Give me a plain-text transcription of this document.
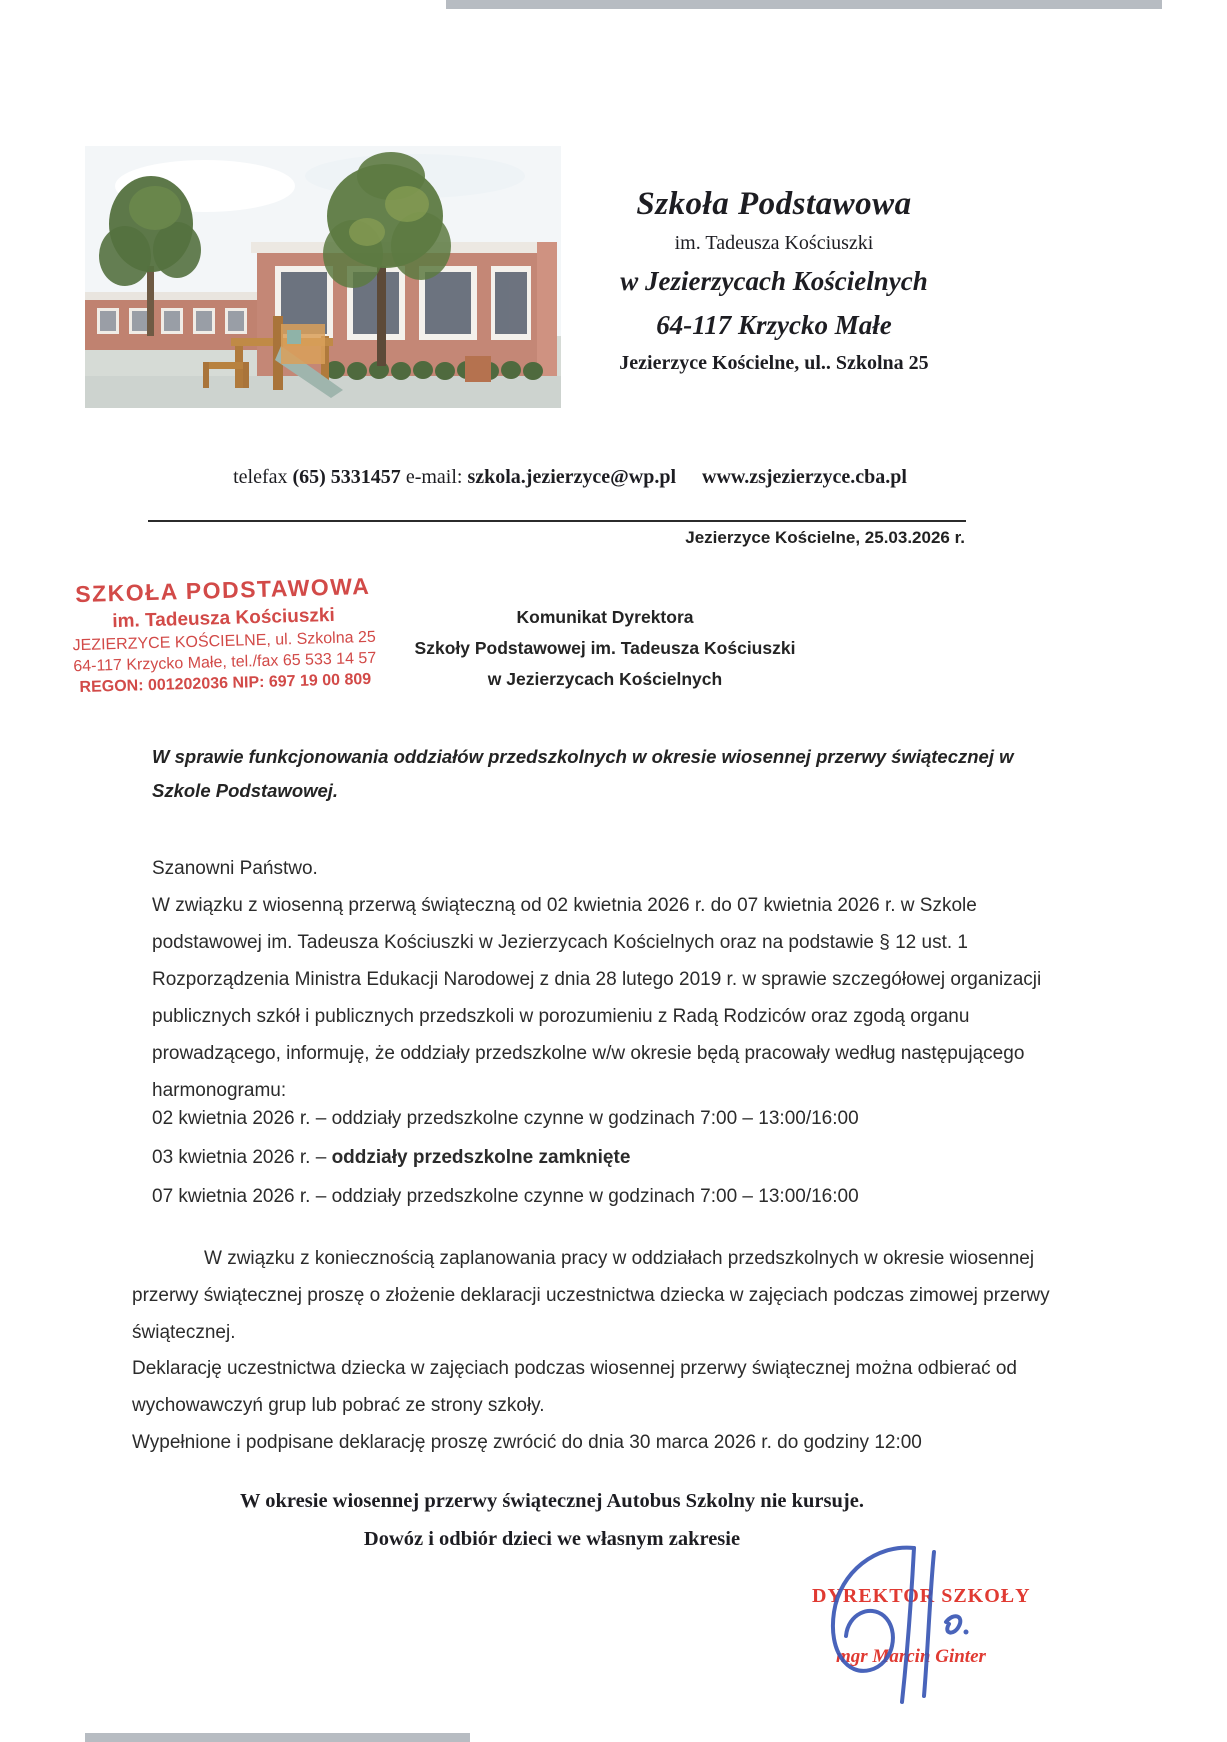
Szkoła Podstawowa
im. Tadeusza Kościuszki
w Jezierzycach Kościelnych
64-117 Krzycko Małe
Jezierzyce Kościelne, ul.. Szkolna 25
telefax (65) 5331457 e-mail: szkola.jezierzyce@wp.pl www.zsjezierzyce.cba.pl
Jezierzyce Kościelne, 25.03.2026 r.
SZKOŁA PODSTAWOWA
im. Tadeusza Kościuszki
JEZIERZYCE KOŚCIELNE, ul. Szkolna 25
64-117 Krzycko Małe, tel./fax 65 533 14 57
REGON: 001202036 NIP: 697 19 00 809
Komunikat Dyrektora
Szkoły Podstawowej im. Tadeusza Kościuszki
w Jezierzycach Kościelnych
W sprawie funkcjonowania oddziałów przedszkolnych w okresie wiosennej przerwy świątecznej w Szkole Podstawowej.
Szanowni Państwo.
W związku z wiosenną przerwą świąteczną od 02 kwietnia 2026 r. do 07 kwietnia 2026 r. w Szkole podstawowej im. Tadeusza Kościuszki w Jezierzycach Kościelnych oraz na podstawie § 12 ust. 1 Rozporządzenia Ministra Edukacji Narodowej z dnia 28 lutego 2019 r. w sprawie szczegółowej organizacji publicznych szkół i publicznych przedszkoli w porozumieniu z Radą Rodziców oraz zgodą organu prowadzącego, informuję, że oddziały przedszkolne w/w okresie będą pracowały według następującego harmonogramu:
02 kwietnia 2026 r. – oddziały przedszkolne czynne w godzinach 7:00 – 13:00/16:00
03 kwietnia 2026 r. – oddziały przedszkolne zamknięte
07 kwietnia 2026 r. – oddziały przedszkolne czynne w godzinach 7:00 – 13:00/16:00
W związku z koniecznością zaplanowania pracy w oddziałach przedszkolnych w okresie wiosennej przerwy świątecznej proszę o złożenie deklaracji uczestnictwa dziecka w zajęciach podczas zimowej przerwy świątecznej.
Deklarację uczestnictwa dziecka w zajęciach podczas wiosennej przerwy świątecznej można odbierać od wychowawczyń grup lub pobrać ze strony szkoły.
Wypełnione i podpisane deklarację proszę zwrócić do dnia 30 marca 2026 r. do godziny 12:00
W okresie wiosennej przerwy świątecznej Autobus Szkolny nie kursuje.
Dowóz i odbiór dzieci we własnym zakresie
DYREKTOR SZKOŁY
mgr Marcin Ginter
